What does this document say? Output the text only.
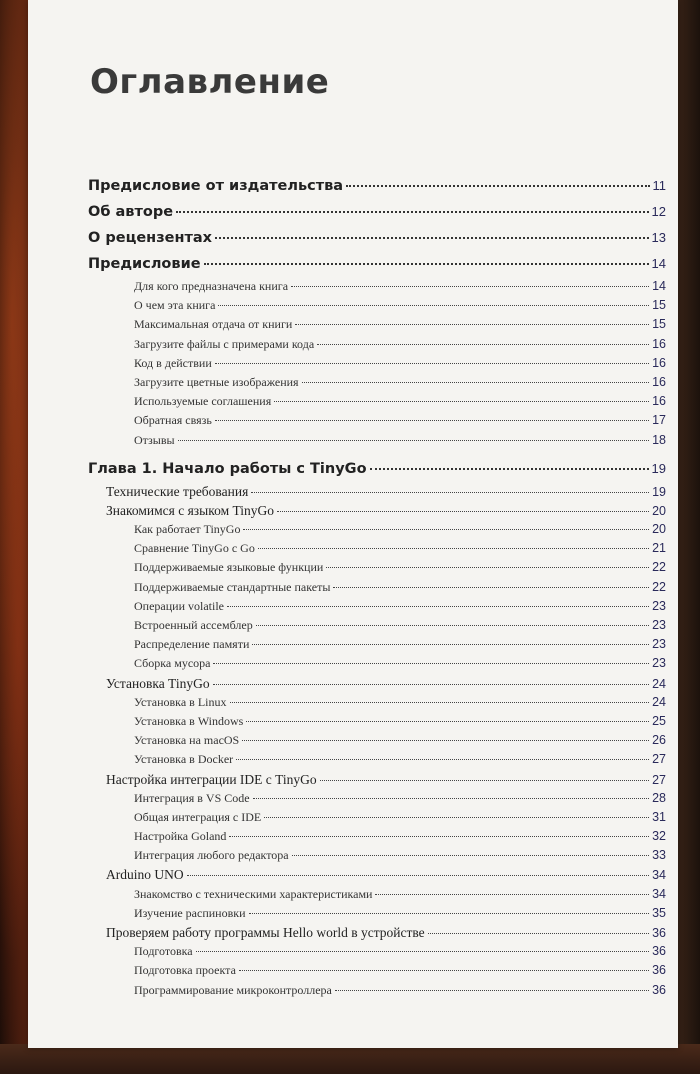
Оглавление
Предисловие от издательства	11
Об авторе	12
О рецензентах	13
Предисловие	14
Для кого предназначена книга	14
О чем эта книга	15
Максимальная отдача от книги	15
Загрузите файлы с примерами кода	16
Код в действии	16
Загрузите цветные изображения	16
Используемые соглашения	16
Обратная связь	17
Отзывы	18
Глава 1. Начало работы с TinyGo	19
Технические требования	19
Знакомимся с языком TinyGo	20
Как работает TinyGo	20
Сравнение TinyGo с Go	21
Поддерживаемые языковые функции	22
Поддерживаемые стандартные пакеты	22
Операции volatile	23
Встроенный ассемблер	23
Распределение памяти	23
Сборка мусора	23
Установка TinyGo	24
Установка в Linux	24
Установка в Windows	25
Установка на macOS	26
Установка в Docker	27
Настройка интеграции IDE с TinyGo	27
Интеграция в VS Code	28
Общая интеграция с IDE	31
Настройка Goland	32
Интеграция любого редактора	33
Arduino UNO	34
Знакомство с техническими характеристиками	34
Изучение распиновки	35
Проверяем работу программы Hello world в устройстве	36
Подготовка	36
Подготовка проекта	36
Программирование микроконтроллера	36
